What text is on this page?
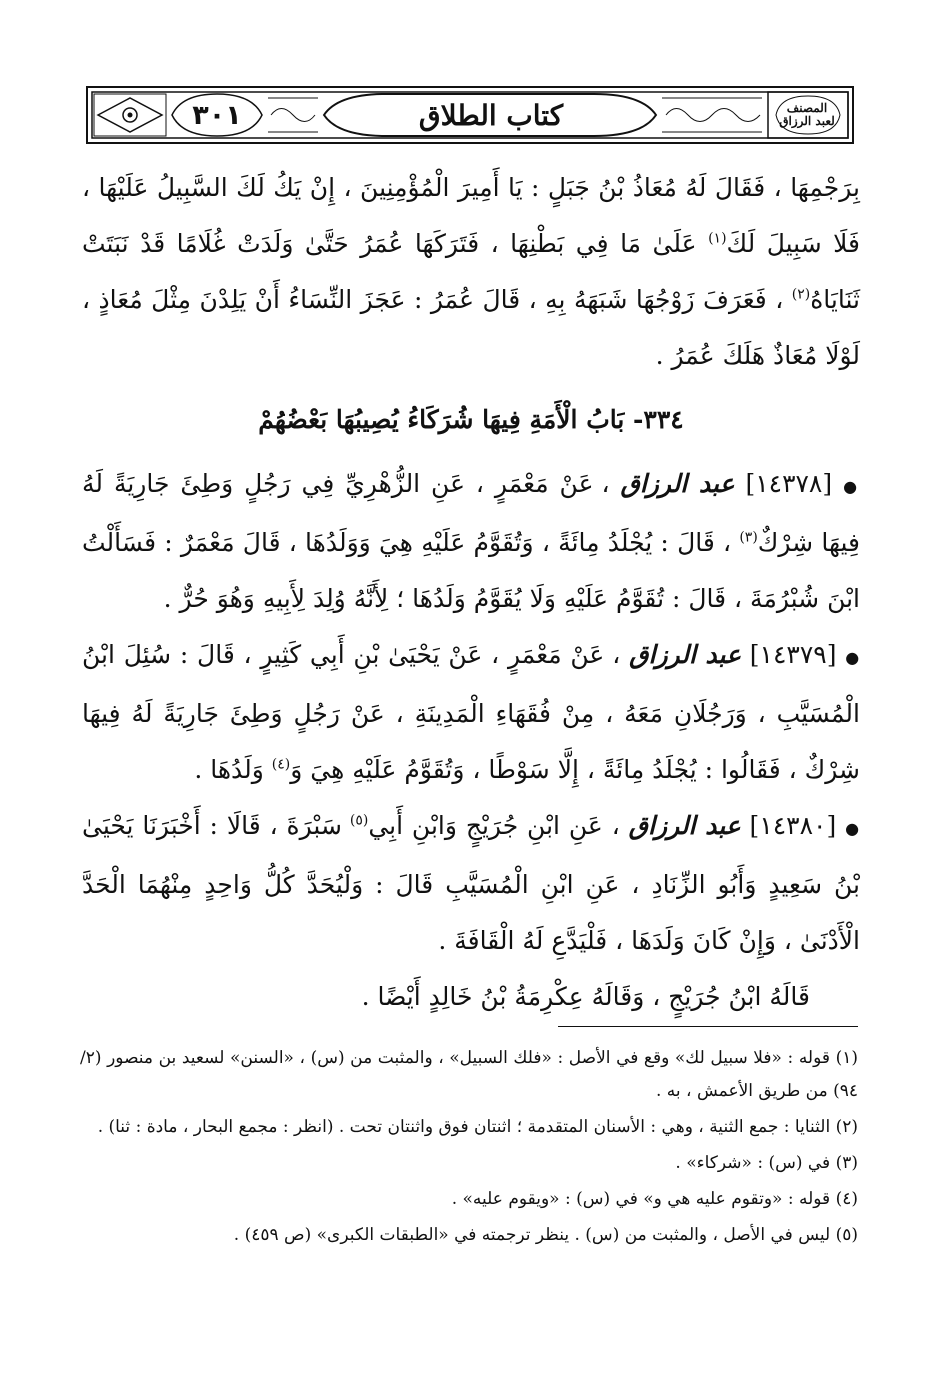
٣٠١	كتاب الطلاق	المصنف
لعبد الرزاق

بِرَجْمِهَا ، فَقَالَ لَهُ مُعَاذُ بْنُ جَبَلٍ : يَا أَمِيرَ الْمُؤْمِنِينَ ، إِنْ يَكُ لَكَ السَّبِيلُ عَلَيْهَا ، فَلَا سَبِيلَ لَكَ$^{(١)}$ عَلَىٰ مَا فِي بَطْنِهَا ، فَتَرَكَهَا عُمَرُ حَتَّىٰ وَلَدَتْ غُلَامًا قَدْ نَبَتَتْ ثَنَايَاهُ$^{(٢)}$ ، فَعَرَفَ زَوْجُهَا شَبَهَهُ بِهِ ، قَالَ عُمَرُ : عَجَزَ النِّسَاءُ أَنْ يَلِدْنَ مِثْلَ مُعَاذٍ ، لَوْلَا مُعَاذٌ هَلَكَ عُمَرُ .

٣٣٤- بَابُ الْأَمَةِ فِيهَا شُرَكَاءُ يُصِيبُهَا بَعْضُهُمْ

● [١٤٣٧٨] عبد الرزاق ، عَنْ مَعْمَرٍ ، عَنِ الزُّهْرِيِّ فِي رَجُلٍ وَطِئَ جَارِيَةً لَهُ فِيهَا شِرْكٌ$^{(٣)}$ ، قَالَ : يُجْلَدُ مِائَةً ، وَتُقَوَّمُ عَلَيْهِ هِيَ وَوَلَدُهَا ، قَالَ مَعْمَرٌ : فَسَأَلْتُ ابْنَ شُبْرُمَةَ ، قَالَ : تُقَوَّمُ عَلَيْهِ وَلَا يُقَوَّمُ وَلَدُهَا ؛ لِأَنَّهُ وُلِدَ لِأَبِيهِ وَهُوَ حُرٌّ .

● [١٤٣٧٩] عبد الرزاق ، عَنْ مَعْمَرٍ ، عَنْ يَحْيَىٰ بْنِ أَبِي كَثِيرٍ ، قَالَ : سُئِلَ ابْنُ الْمُسَيَّبِ ، وَرَجُلَانِ مَعَهُ ، مِنْ فُقَهَاءِ الْمَدِينَةِ ، عَنْ رَجُلٍ وَطِئَ جَارِيَةً لَهُ فِيهَا شِرْكٌ ، فَقَالُوا : يُجْلَدُ مِائَةً ، إِلَّا سَوْطًا ، وَتُقَوَّمُ عَلَيْهِ هِيَ وَ$^{(٤)}$ وَلَدُهَا .

● [١٤٣٨٠] عبد الرزاق ، عَنِ ابْنِ جُرَيْجٍ وَابْنِ أَبِي$^{(٥)}$ سَبْرَةَ ، قَالَا : أَخْبَرَنَا يَحْيَىٰ بْنُ سَعِيدٍ وَأَبُو الزِّنَادِ ، عَنِ ابْنِ الْمُسَيَّبِ قَالَ : وَلْيُحَدَّ كُلُّ وَاحِدٍ مِنْهُمَا الْحَدَّ الْأَدْنَىٰ ، وَإِنْ كَانَ وَلَدَهَا ، فَلْيَدَّعِ لَهُ الْقَافَةَ .

قَالَهُ ابْنُ جُرَيْجٍ ، وَقَالَهُ عِكْرِمَةُ بْنُ خَالِدٍ أَيْضًا .

(١) قوله : «فلا سبيل لك» وقع في الأصل : «فلك السبيل» ، والمثبت من (س) ، «السنن» لسعيد بن منصور (٢/ ٩٤) من طريق الأعمش ، به .

(٢) الثنايا : جمع الثنية ، وهي : الأسنان المتقدمة ؛ اثنتان فوق واثنتان تحت . (انظر : مجمع البحار ، مادة : ثنا) .

(٣) في (س) : «شركاء» .

(٤) قوله : «وتقوم عليه هي و» في (س) : «ويقوم عليه» .

(٥) ليس في الأصل ، والمثبت من (س) . ينظر ترجمته في «الطبقات الكبرى» (ص ٤٥٩) .
